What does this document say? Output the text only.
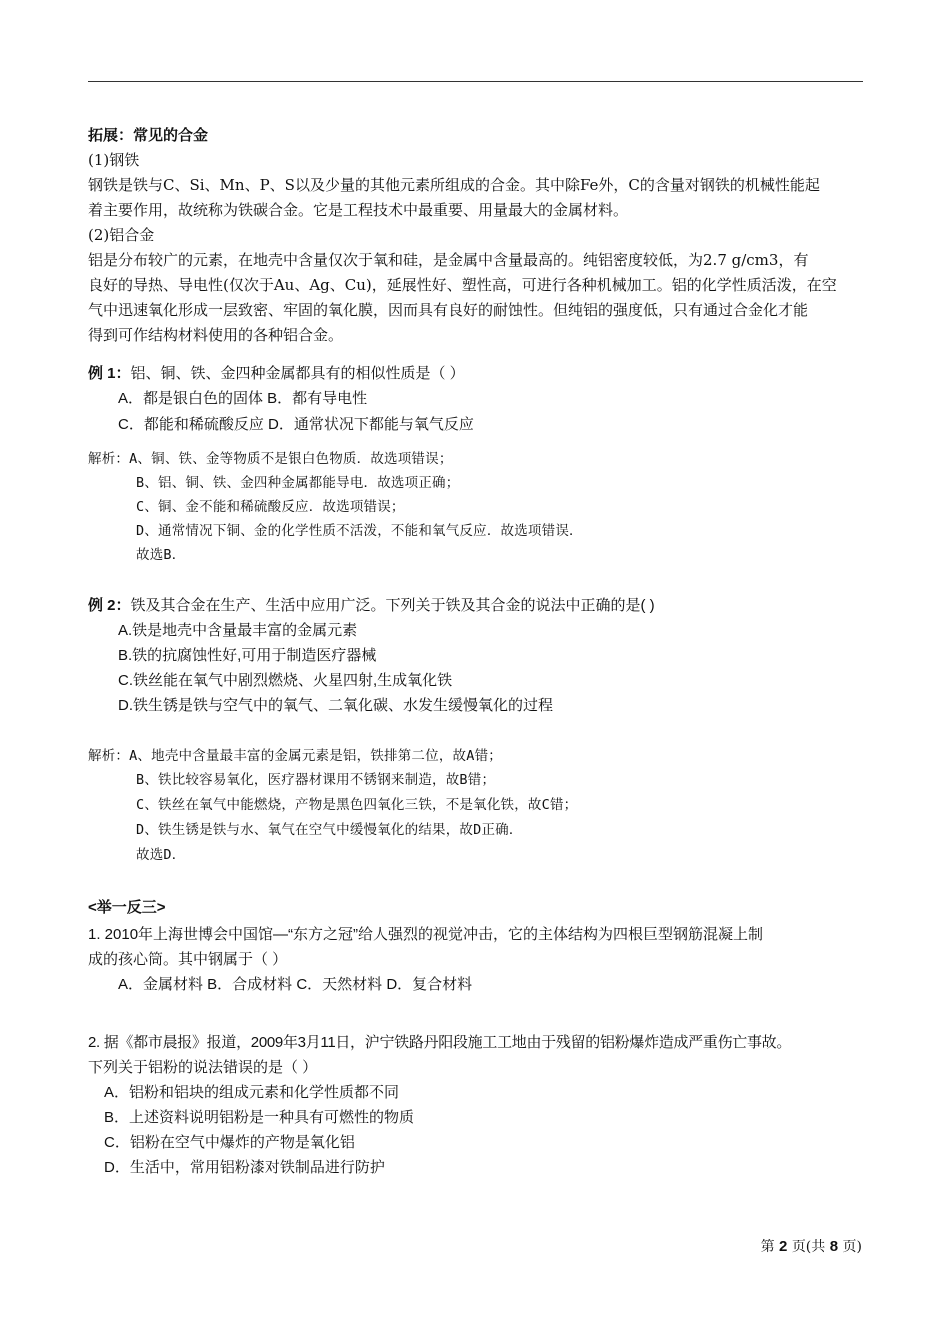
拓展：常见的合金
(1)钢铁
钢铁是铁与C、Si、Mn、P、S以及少量的其他元素所组成的合金。其中除Fe外，C的含量对钢铁的机械性能起
着主要作用，故统称为铁碳合金。它是工程技术中最重要、用量最大的金属材料。
(2)铝合金
铝是分布较广的元素，在地壳中含量仅次于氧和硅，是金属中含量最高的。纯铝密度较低，为2.7 g/cm3，有
良好的导热、导电性(仅次于Au、Ag、Cu)，延展性好、塑性高，可进行各种机械加工。铝的化学性质活泼，在空
气中迅速氧化形成一层致密、牢固的氧化膜，因而具有良好的耐蚀性。但纯铝的强度低，只有通过合金化才能
得到可作结构材料使用的各种铝合金。
例 1：铝、铜、铁、金四种金属都具有的相似性质是（ ）
A．都是银白色的固体 B．都有导电性
C．都能和稀硫酸反应 D．通常状况下都能与氧气反应
解析：A、铜、铁、金等物质不是银白色物质．故选项错误；
B、铝、铜、铁、金四种金属都能导电．故选项正确；
C、铜、金不能和稀硫酸反应．故选项错误；
D、通常情况下铜、金的化学性质不活泼，不能和氧气反应．故选项错误．
故选B．
例 2：铁及其合金在生产、生活中应用广泛。下列关于铁及其合金的说法中正确的是( )
A.铁是地壳中含量最丰富的金属元素
B.铁的抗腐蚀性好,可用于制造医疗器械
C.铁丝能在氧气中剧烈燃烧、火星四射,生成氧化铁
D.铁生锈是铁与空气中的氧气、二氧化碳、水发生缓慢氧化的过程
解析：A、地壳中含量最丰富的金属元素是铝，铁排第二位，故A错；
B、铁比较容易氧化，医疗器材课用不锈钢来制造，故B错；
C、铁丝在氧气中能燃烧，产物是黑色四氧化三铁，不是氧化铁，故C错；
D、铁生锈是铁与水、氧气在空气中缓慢氧化的结果，故D正确．
故选D．
<举一反三>
1. 2010年上海世博会中国馆—“东方之冠”给人强烈的视觉冲击，它的主体结构为四根巨型钢筋混凝上制
成的孩心筒。其中钢属于（ ）
A．金属材料 B．合成材料 C．天然材料 D．复合材料
2. 据《都市晨报》报道，2009年3月11日，沪宁铁路丹阳段施工工地由于残留的铝粉爆炸造成严重伤亡事故。
下列关于铝粉的说法错误的是（ ）
A．铝粉和铝块的组成元素和化学性质都不同
B．上述资料说明铝粉是一种具有可燃性的物质
C．铝粉在空气中爆炸的产物是氧化铝
D．生活中，常用铝粉漆对铁制品进行防护
第 2 页(共 8 页)
